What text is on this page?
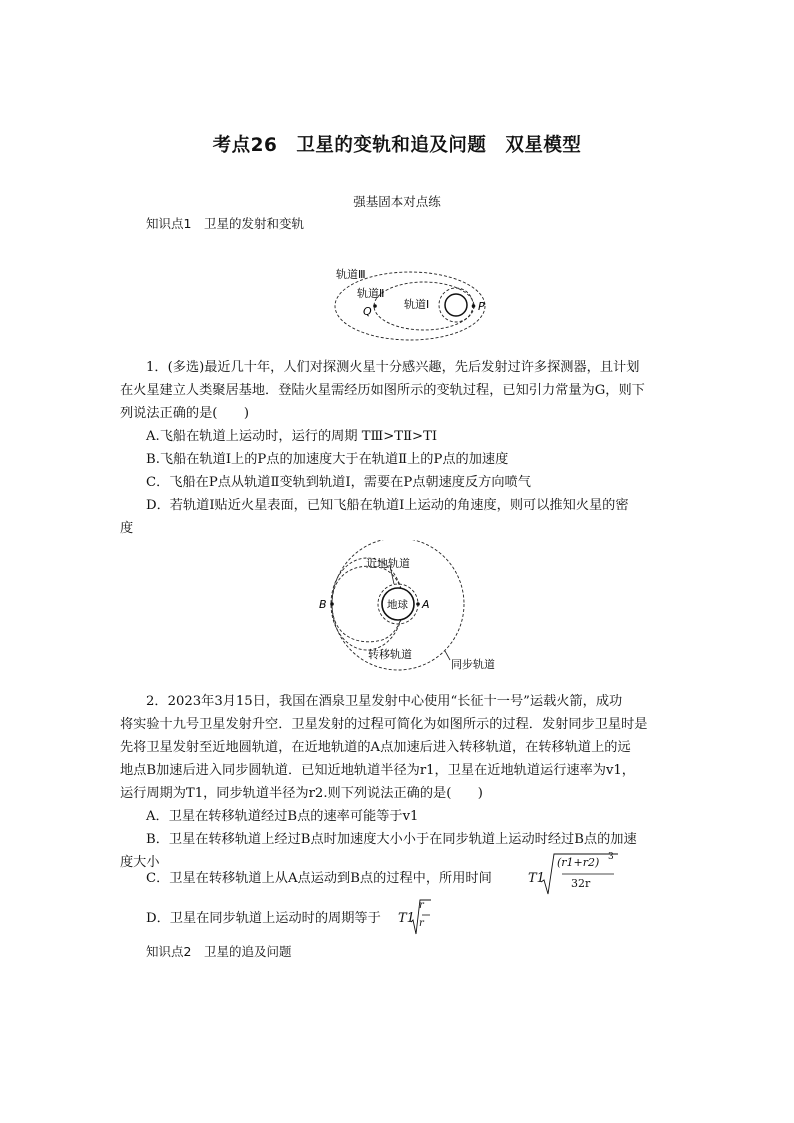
考点26　卫星的变轨和追及问题　双星模型
强基固本对点练
知识点1　卫星的发射和变轨
轨道Ⅲ
轨道Ⅱ
轨道Ⅰ
Q	P
1．(多选)最近几十年，人们对探测火星十分感兴趣，先后发射过许多探测器，且计划
在火星建立人类聚居基地．登陆火星需经历如图所示的变轨过程，已知引力常量为G，则下
列说法正确的是(　　)
A.飞船在轨道上运动时，运行的周期 TⅢ>TⅡ>TⅠ
B.飞船在轨道Ⅰ上的P点的加速度大于在轨道Ⅱ上的P点的加速度
C．飞船在P点从轨道Ⅱ变轨到轨道Ⅰ，需要在P点朝速度反方向喷气
D．若轨道Ⅰ贴近火星表面，已知飞船在轨道Ⅰ上运动的角速度，则可以推知火星的密
度
近地轨道
地球 A
B
转移轨道
同步轨道
2．2023年3月15日，我国在酒泉卫星发射中心使用“长征十一号”运载火箭，成功
将实验十九号卫星发射升空．卫星发射的过程可简化为如图所示的过程．发射同步卫星时是
先将卫星发射至近地圆轨道，在近地轨道的A点加速后进入转移轨道，在转移轨道上的远
地点B加速后进入同步圆轨道．已知近地轨道半径为r1，卫星在近地轨道运行速率为v1，
运行周期为T1，同步轨道半径为r2.则下列说法正确的是(　　)
A．卫星在转移轨道经过B点的速率可能等于v1
B．卫星在转移轨道上经过B点时加速度大小小于在同步轨道上运动时经过B点的加速
度大小
C．卫星在转移轨道上从A点运动到B点的过程中，所用时间	T1
(r1+r2) 3
32r
D．卫星在同步轨道上运动时的周期等于	T1
r
r
知识点2　卫星的追及问题
